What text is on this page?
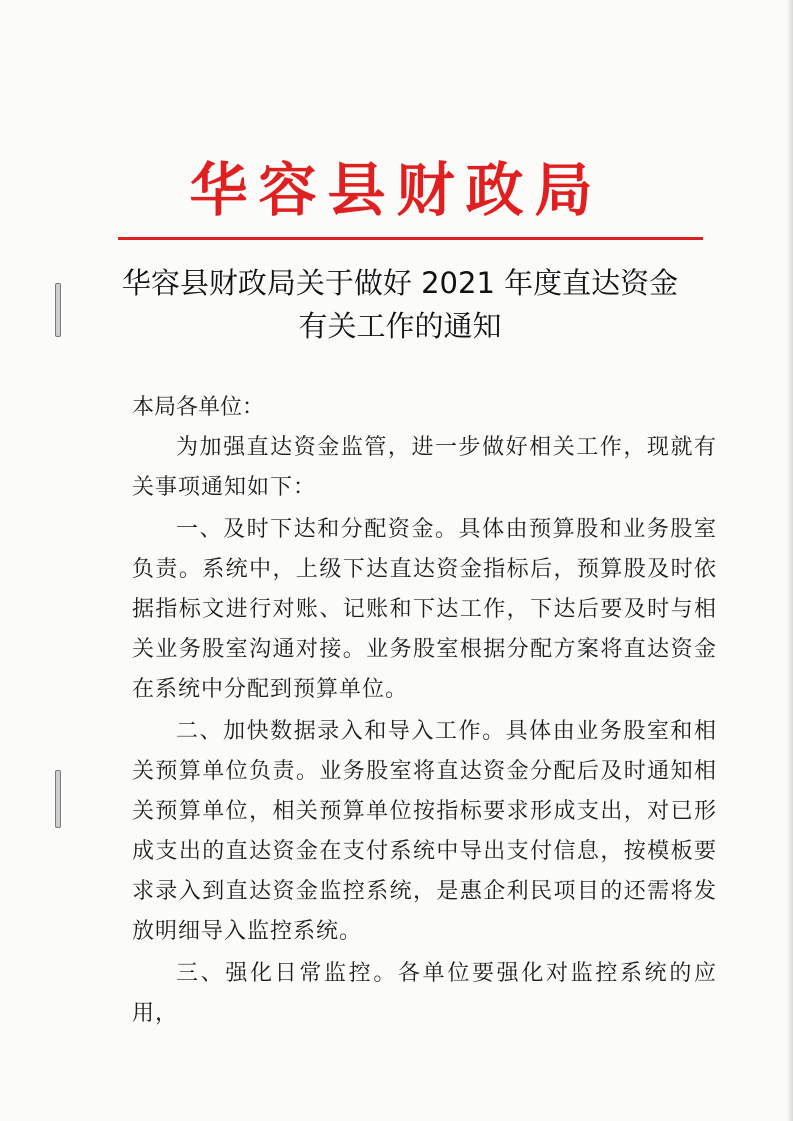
华容县财政局
华容县财政局关于做好 2021 年度直达资金
有关工作的通知

本局各单位：

为加强直达资金监管，进一步做好相关工作，现就有关事项通知如下：

一、及时下达和分配资金。具体由预算股和业务股室负责。系统中，上级下达直达资金指标后，预算股及时依据指标文进行对账、记账和下达工作，下达后要及时与相关业务股室沟通对接。业务股室根据分配方案将直达资金在系统中分配到预算单位。

二、加快数据录入和导入工作。具体由业务股室和相关预算单位负责。业务股室将直达资金分配后及时通知相关预算单位，相关预算单位按指标要求形成支出，对已形成支出的直达资金在支付系统中导出支付信息，按模板要求录入到直达资金监控系统，是惠企利民项目的还需将发放明细导入监控系统。

三、强化日常监控。各单位要强化对监控系统的应用，
